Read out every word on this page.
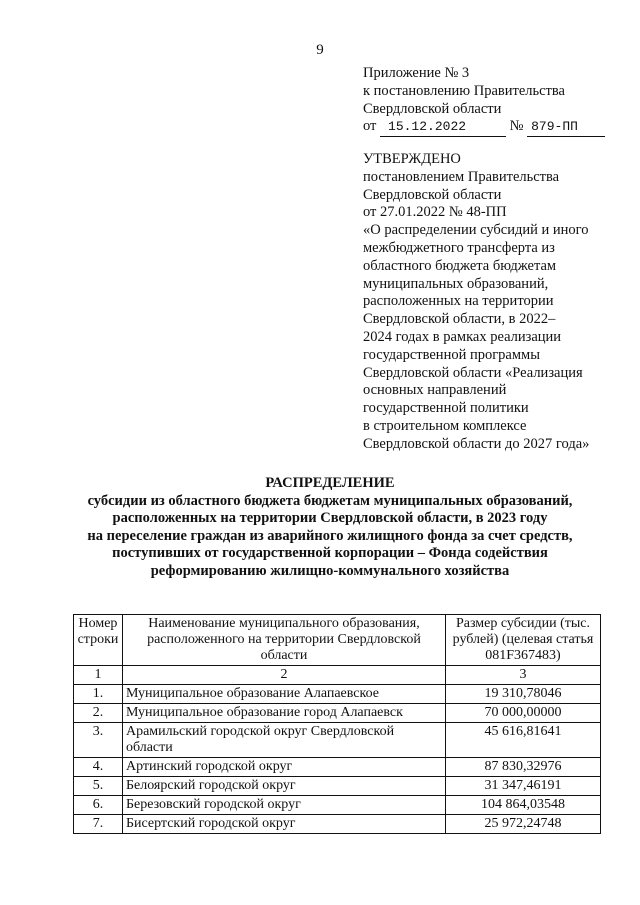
9
Приложение № 3
к постановлению Правительства
Свердловской области
от 15.12.2022	№ 879-ПП
УТВЕРЖДЕНО
постановлением Правительства
Свердловской области
от 27.01.2022 № 48-ПП
«О распределении субсидий и иного
межбюджетного трансферта из
областного бюджета бюджетам
муниципальных образований,
расположенных на территории
Свердловской области, в 2022–
2024 годах в рамках реализации
государственной программы
Свердловской области «Реализация
основных направлений
государственной политики
в строительном комплексе
Свердловской области до 2027 года»
РАСПРЕДЕЛЕНИЕ
субсидии из областного бюджета бюджетам муниципальных образований,
расположенных на территории Свердловской области, в 2023 году
на переселение граждан из аварийного жилищного фонда за счет средств,
поступивших от государственной корпорации – Фонда содействия
реформированию жилищно-коммунального хозяйства
Номер строки	Наименование муниципального образования, расположенного на территории Свердловской области	Размер субсидии (тыс. рублей) (целевая статья 081F367483)
1	2	3
1.	Муниципальное образование Алапаевское	19 310,78046
2.	Муниципальное образование город Алапаевск	70 000,00000
3.	Арамильский городской округ Свердловской области	45 616,81641
4.	Артинский городской округ	87 830,32976
5.	Белоярский городской округ	31 347,46191
6.	Березовский городской округ	104 864,03548
7.	Бисертский городской округ	25 972,24748
